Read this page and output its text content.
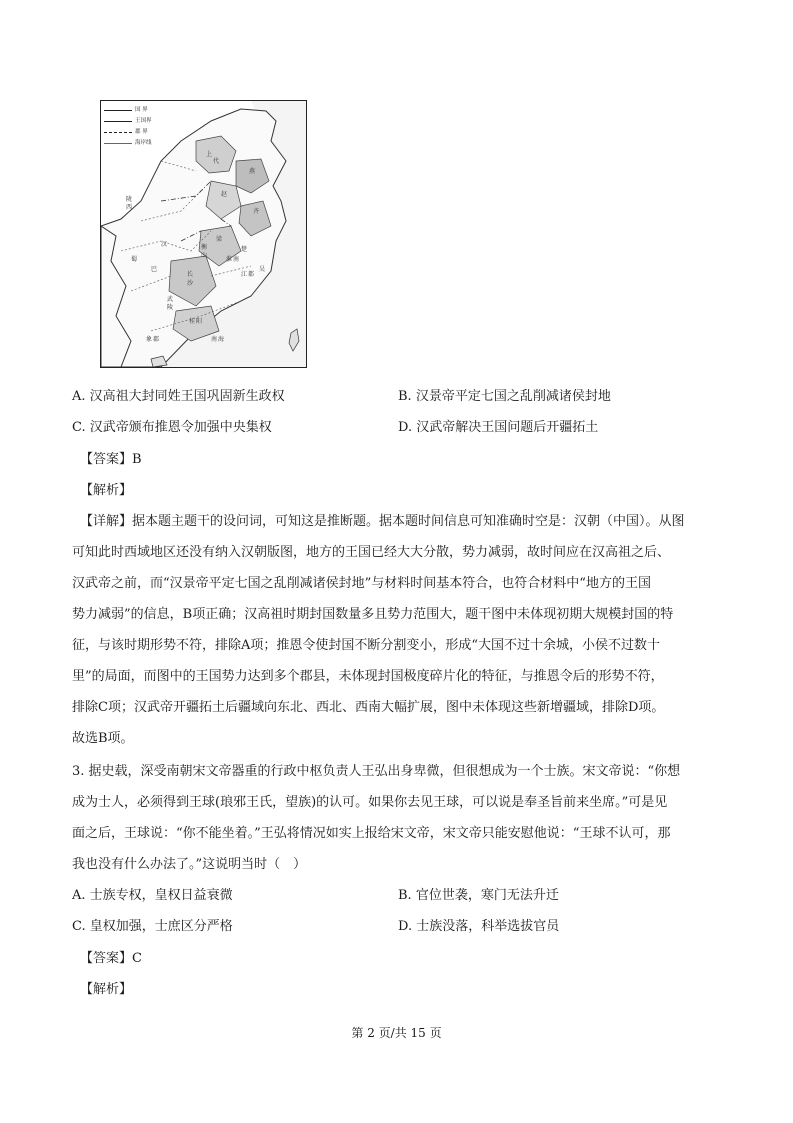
上
代
燕
齐
赵
梁
楚
吴
长
沙
淮 南
江 都
衡
山
陇
西
蜀
巴
汉
武
陵
桂 阳
南 海
象 郡
国 界
王国界
郡 界
海岸线
A. 汉高祖大封同姓王国巩固新生政权	B. 汉景帝平定七国之乱削减诸侯封地
C. 汉武帝颁布推恩令加强中央集权	D. 汉武帝解决王国问题后开疆拓土
【答案】B
【解析】
【详解】据本题主题干的设问词，可知这是推断题。据本题时间信息可知准确时空是：汉朝（中国）。从图
可知此时西域地区还没有纳入汉朝版图，地方的王国已经大大分散，势力减弱，故时间应在汉高祖之后、
汉武帝之前，而“汉景帝平定七国之乱削减诸侯封地”与材料时间基本符合，也符合材料中“地方的王国
势力减弱”的信息，B项正确；汉高祖时期封国数量多且势力范围大，题干图中未体现初期大规模封国的特
征，与该时期形势不符，排除A项；推恩令使封国不断分割变小，形成“大国不过十余城，小侯不过数十
里”的局面，而图中的王国势力达到多个郡县，未体现封国极度碎片化的特征，与推恩令后的形势不符，
排除C项；汉武帝开疆拓土后疆域向东北、西北、西南大幅扩展，图中未体现这些新增疆域，排除D项。
故选B项。
3. 据史载，深受南朝宋文帝器重的行政中枢负责人王弘出身卑微，但很想成为一个士族。宋文帝说：“你想
成为士人，必须得到王球(琅邪王氏，望族)的认可。如果你去见王球，可以说是奉圣旨前来坐席。”可是见
面之后，王球说：“你不能坐着。”王弘将情况如实上报给宋文帝，宋文帝只能安慰他说：“王球不认可，那
我也没有什么办法了。”这说明当时（　）
A. 士族专权，皇权日益衰微	B. 官位世袭，寒门无法升迁
C. 皇权加强，士庶区分严格	D. 士族没落，科举选拔官员
【答案】C
【解析】
第 2 页/共 15 页
